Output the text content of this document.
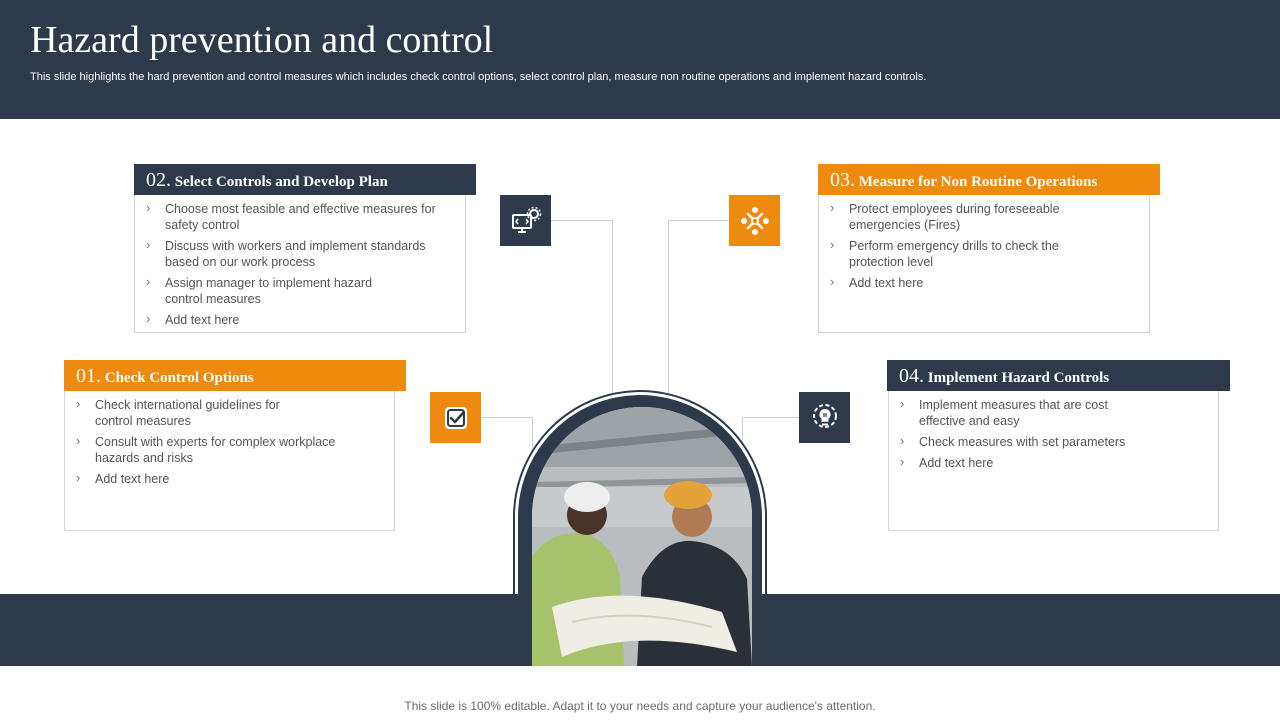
Hazard prevention and control

This slide highlights the hard prevention and control measures which includes check control options, select control plan, measure non routine operations and implement hazard controls.

› Choose most feasible and effective measures for safety control
› Discuss with workers and implement standards based on our work process
› Assign manager to implement hazard control measures
› Add text here
02. Select Controls and Develop Plan
› Protect employees during foreseeable emergencies (Fires)
› Perform emergency drills to check the protection level
› Add text here
03. Measure for Non Routine Operations
› Check international guidelines for control measures
› Consult with experts for complex workplace hazards and risks
› Add text here
01. Check Control Options
› Implement measures that are cost effective and easy
› Check measures with set parameters
› Add text here
04. Implement Hazard Controls
This slide is 100% editable. Adapt it to your needs and capture your audience's attention.
